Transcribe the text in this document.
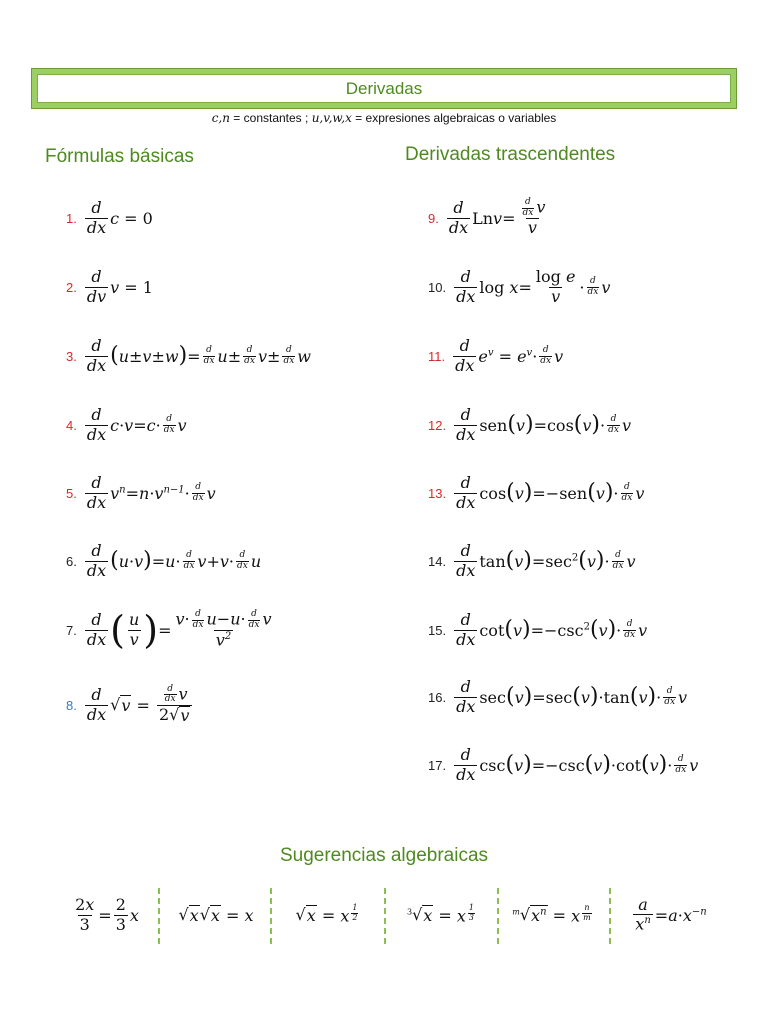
Derivadas
c,n = constantes ; u,v,w,x = expresiones algebraicas o variables
Fórmulas básicas	Derivadas trascendentes
1.
d
dx c = 0
2.
d
dv v = 1
3.
d
dx ( u ± v ± w ) = $\frac{d}{dx}$ $u \pm \frac{d}{dx}$ $v \pm \frac{d}{dx}$ w
4.
d
dx c · v = c · d
dx v
5.
d
dx $v^n = n \cdot v^{n-1} \cdot d$
dx v
6.
d
dx ( u · v ) = u · d
dx v + v · d
dx u
7.
d
dx ( u
v ) =
$v\cdot \frac{d}{dx} u-u\cdot \frac{d}{dx}$ v
$v^2$
8.
d
dx √ v =
$\frac{d}{dx}$ v
2 √ v
9.
d
dx Ln $v = \frac{d}{dx}$ v
v
10.
d
dx $\log x = \frac{\text{log e}}{v} \cdot d$
dx v
11.
d
dx $e^v = e^v \cdot d$
dx v
12.
d
dx sen ( v ) =cos ( v ) · d
dx v
13.
d
dx cos ( v ) =−sen ( v ) · d
dx v
14.
d
dx tan ( v ) $=\sec^2$ ( v ) · d
dx v
15.
d
dx cot ( v ) $=-\csc^2$ ( v ) · d
dx v
16.
d
dx sec ( v ) =sec ( v ) ·tan ( v ) · d
dx v
17.
d
dx csc ( v ) =−csc ( v ) ·cot ( v ) · d
dx v
Sugerencias algebraicas
$\frac{2x}{3} = \frac{2}{3}$ x √ x √ x = x	√ x = x $^{\frac{1}{2}}$	$^3$ √ x = x $^{\frac{1}{3}}$	$^m$ √ $x^n = x$ $^{\frac{n}{m}}$	$\frac{a}{x^n} = a \cdot x^{-n}$
